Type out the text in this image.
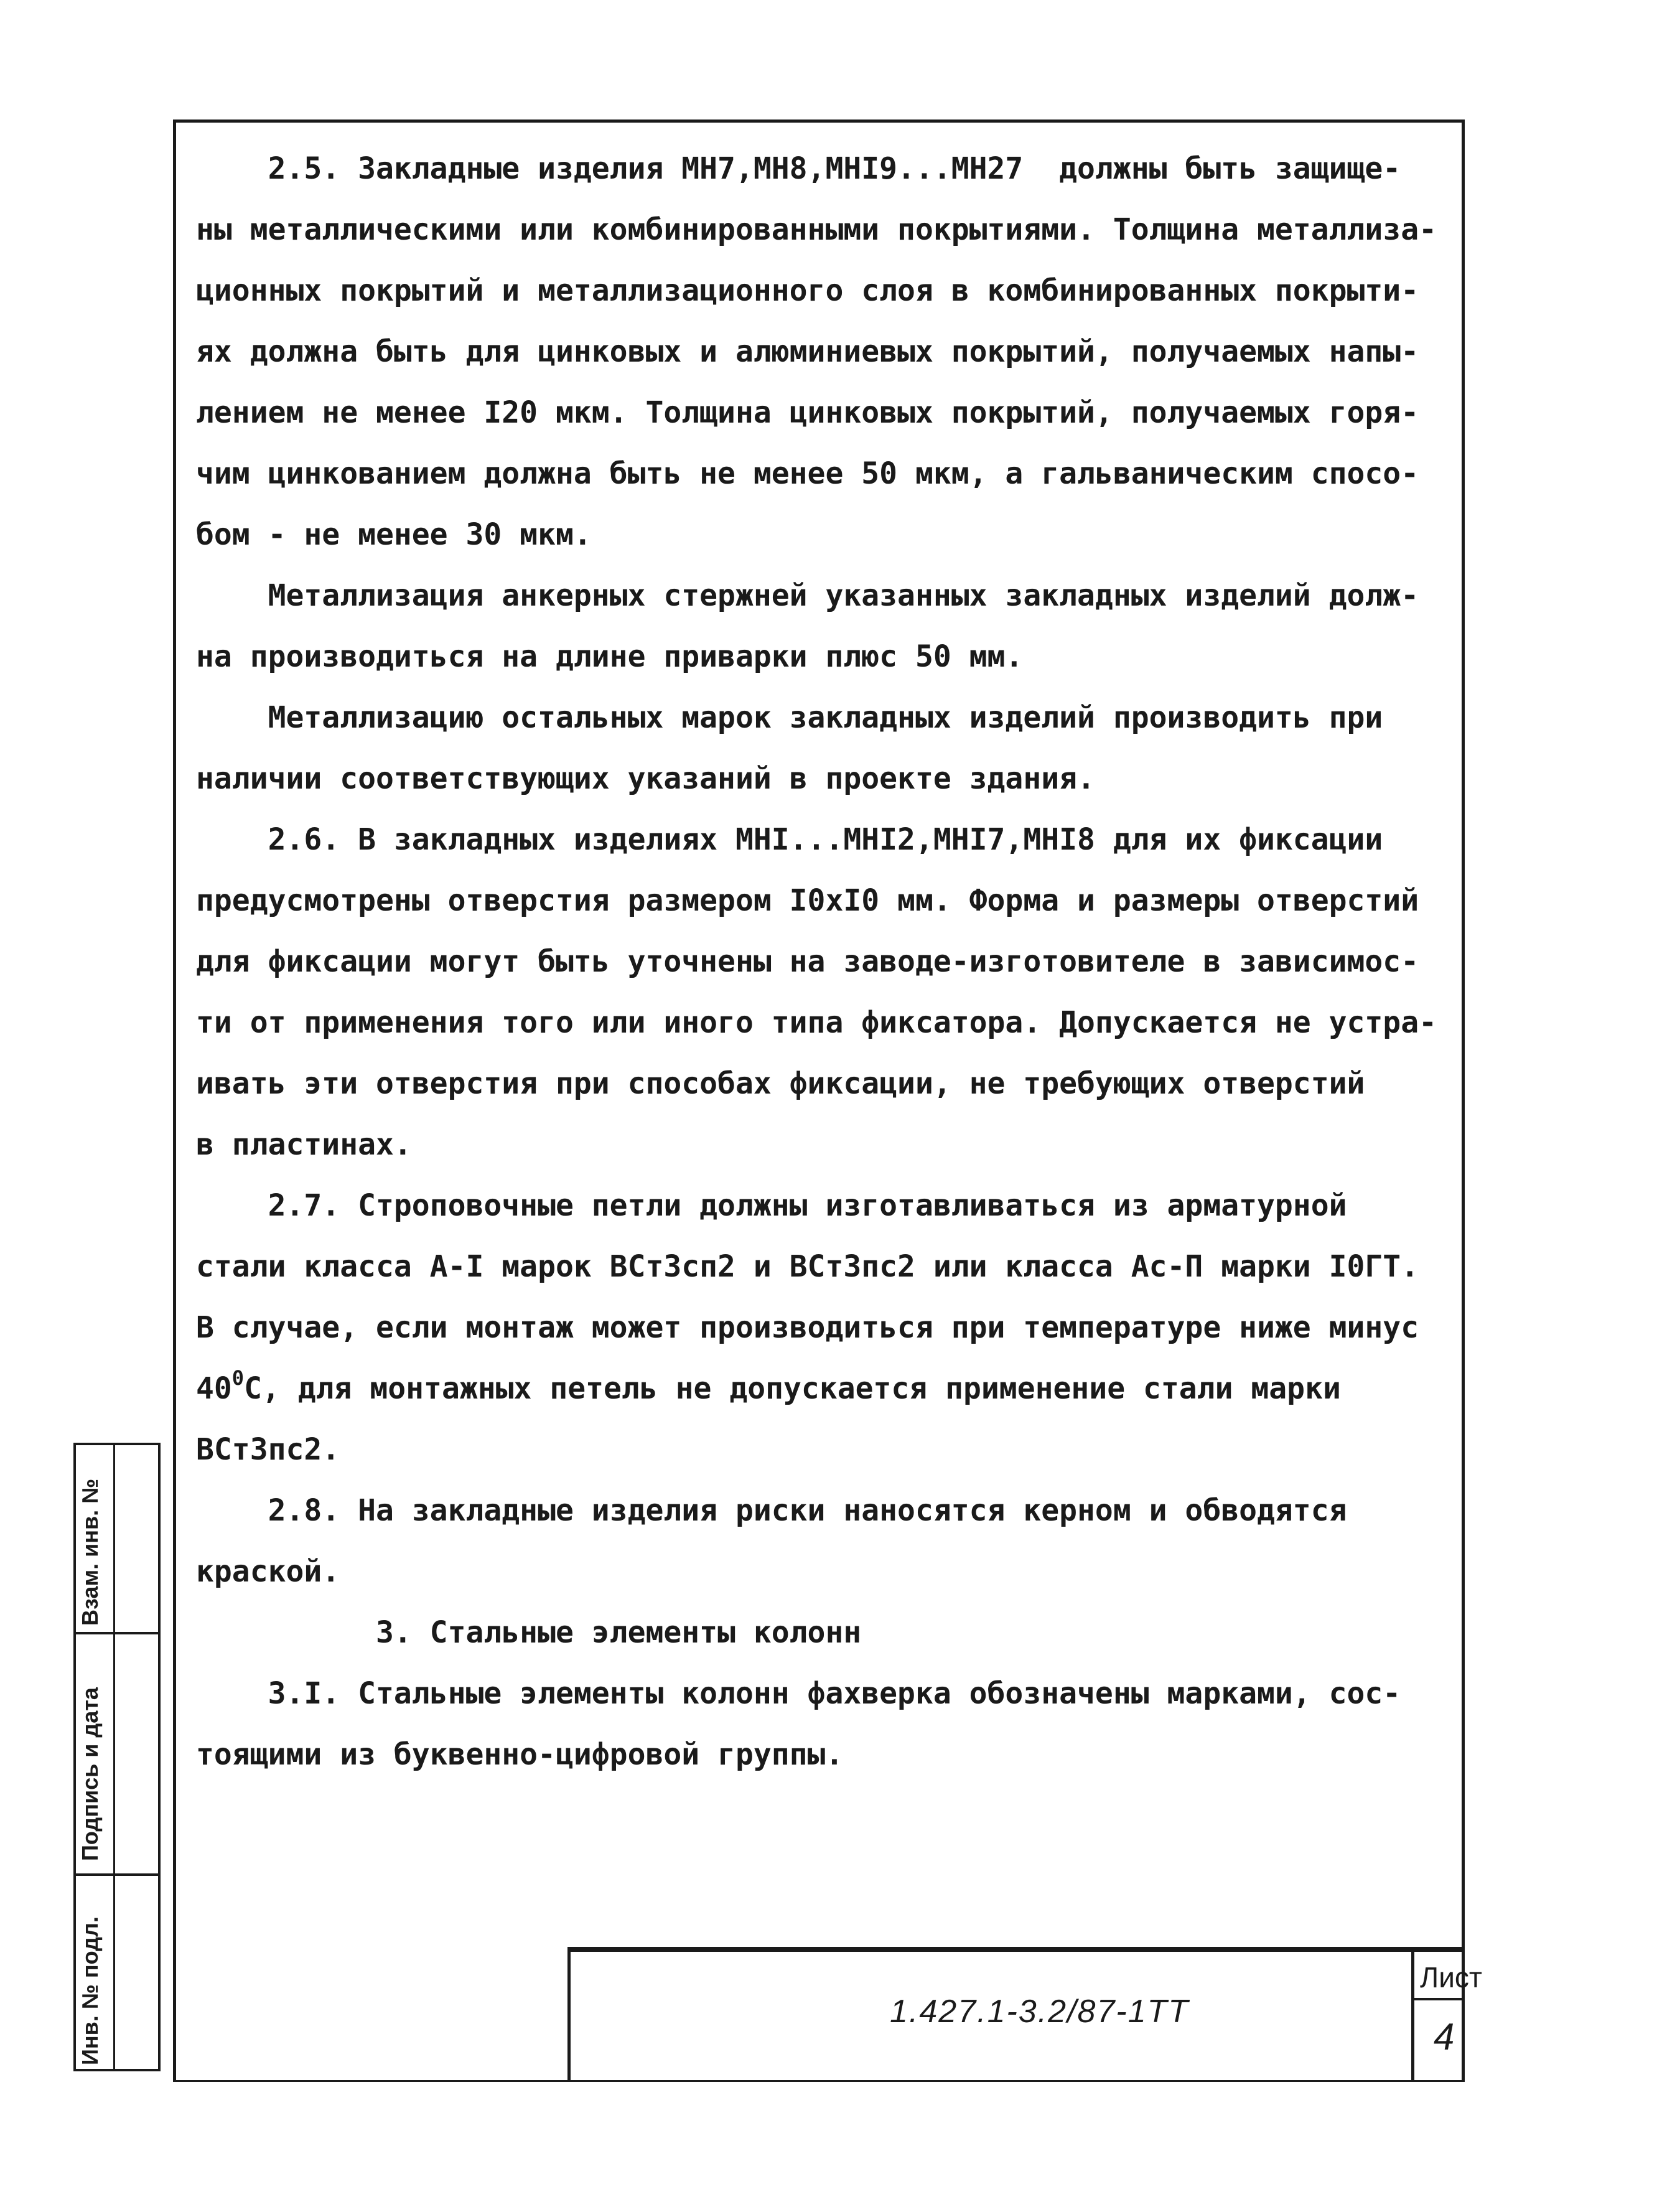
2.5. Закладные изделия МН7,МН8,МНI9...МН27  должны быть защище-
ны металлическими или комбинированными покрытиями. Толщина металлиза-
ционных покрытий и металлизационного слоя в комбинированных покрыти-
ях должна быть для цинковых и алюминиевых покрытий, получаемых напы-
лением не менее I20 мкм. Толщина цинковых покрытий, получаемых горя-
чим цинкованием должна быть не менее 50 мкм, а гальваническим спосо-
бом - не менее 30 мкм.
Металлизация анкерных стержней указанных закладных изделий долж-
на производиться на длине приварки плюс 50 мм.
Металлизацию остальных марок закладных изделий производить при
наличии соответствующих указаний в проекте здания.
2.6. В закладных изделиях МНI...МНI2,МНI7,МНI8 для их фиксации
предусмотрены отверстия размером I0хI0 мм. Форма и размеры отверстий
для фиксации могут быть уточнены на заводе-изготовителе в зависимос-
ти от применения того или иного типа фиксатора. Допускается не устра-
ивать эти отверстия при способах фиксации, не требующих отверстий
в пластинах.
2.7. Строповочные петли должны изготавливаться из арматурной
стали класса А-I марок ВСт3сп2 и ВСт3пс2 или класса Ас-П марки I0ГТ.
В случае, если монтаж может производиться при температуре ниже минус
$40^0С$, для монтажных петель не допускается применение стали марки
ВСт3пс2.
2.8. На закладные изделия риски наносятся керном и обводятся
краской.
3. Стальные элементы колонн
3.I. Стальные элементы колонн фахверка обозначены марками, сос-
тоящими из буквенно-цифровой группы.
Взам. инв. №
Подпись и дата
Инв. № подл.	1.427.1-3.2/87-1ТТ
Лист
4
